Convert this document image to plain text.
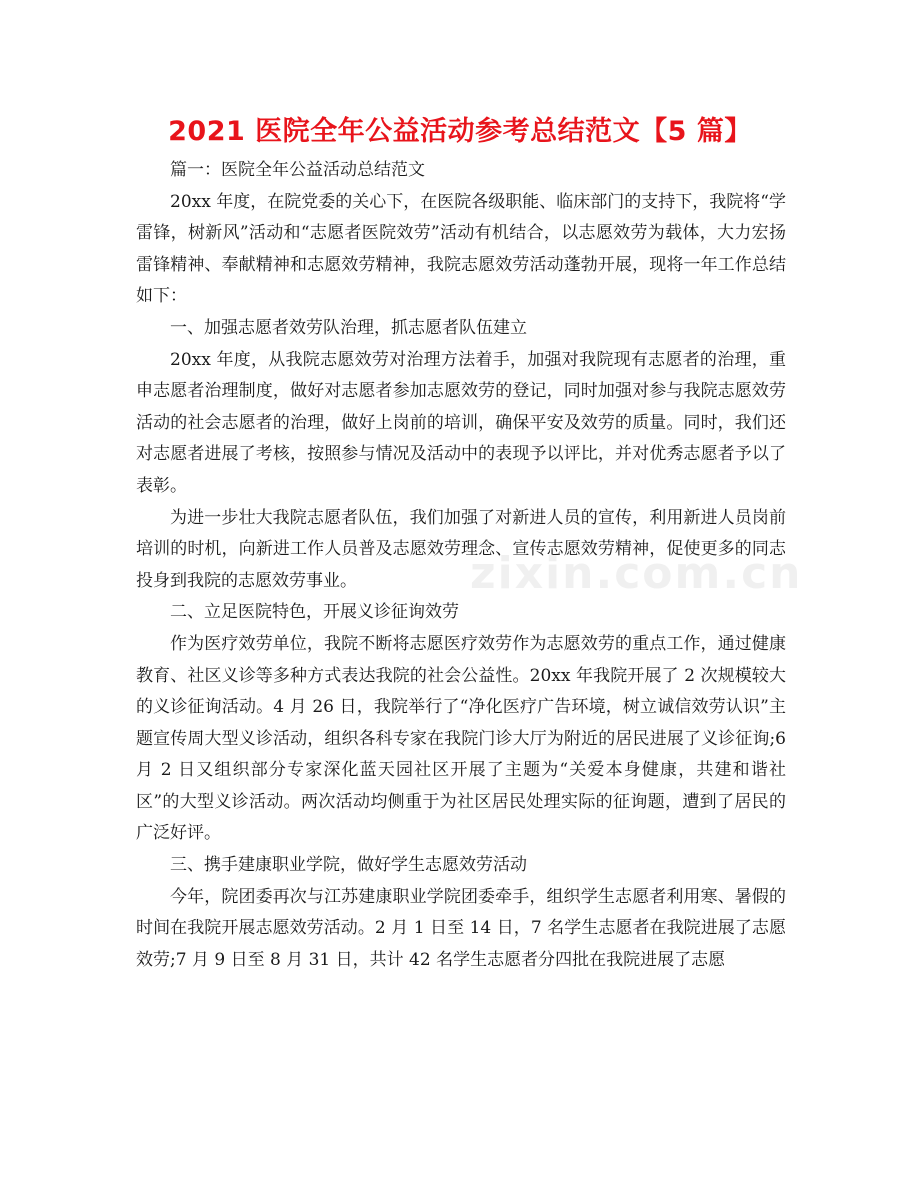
2021 医院全年公益活动参考总结范文【5 篇】

篇一：医院全年公益活动总结范文

20xx 年度，在院党委的关心下，在医院各级职能、临床部门的支持下，我院将“学雷锋，树新风”活动和“志愿者医院效劳”活动有机结合，以志愿效劳为载体，大力宏扬雷锋精神、奉献精神和志愿效劳精神，我院志愿效劳活动蓬勃开展，现将一年工作总结如下：

一、加强志愿者效劳队治理，抓志愿者队伍建立

20xx 年度，从我院志愿效劳对治理方法着手，加强对我院现有志愿者的治理，重申志愿者治理制度，做好对志愿者参加志愿效劳的登记，同时加强对参与我院志愿效劳活动的社会志愿者的治理，做好上岗前的培训，确保平安及效劳的质量。同时，我们还对志愿者进展了考核，按照参与情况及活动中的表现予以评比，并对优秀志愿者予以了表彰。

为进一步壮大我院志愿者队伍，我们加强了对新进人员的宣传，利用新进人员岗前培训的时机，向新进工作人员普及志愿效劳理念、宣传志愿效劳精神，促使更多的同志投身到我院的志愿效劳事业。

二、立足医院特色，开展义诊征询效劳

作为医疗效劳单位，我院不断将志愿医疗效劳作为志愿效劳的重点工作，通过健康教育、社区义诊等多种方式表达我院的社会公益性。20xx 年我院开展了 2 次规模较大的义诊征询活动。4 月 26 日，我院举行了“净化医疗广告环境，树立诚信效劳认识”主题宣传周大型义诊活动，组织各科专家在我院门诊大厅为附近的居民进展了义诊征询;6 月 2 日又组织部分专家深化蓝天园社区开展了主题为“关爱本身健康，共建和谐社区”的大型义诊活动。两次活动均侧重于为社区居民处理实际的征询题，遭到了居民的广泛好评。

三、携手建康职业学院，做好学生志愿效劳活动

今年，院团委再次与江苏建康职业学院团委牵手，组织学生志愿者利用寒、暑假的时间在我院开展志愿效劳活动。2 月 1 日至 14 日，7 名学生志愿者在我院进展了志愿效劳;7 月 9 日至 8 月 31 日，共计 42 名学生志愿者分四批在我院进展了志愿

zixin.com.cn
